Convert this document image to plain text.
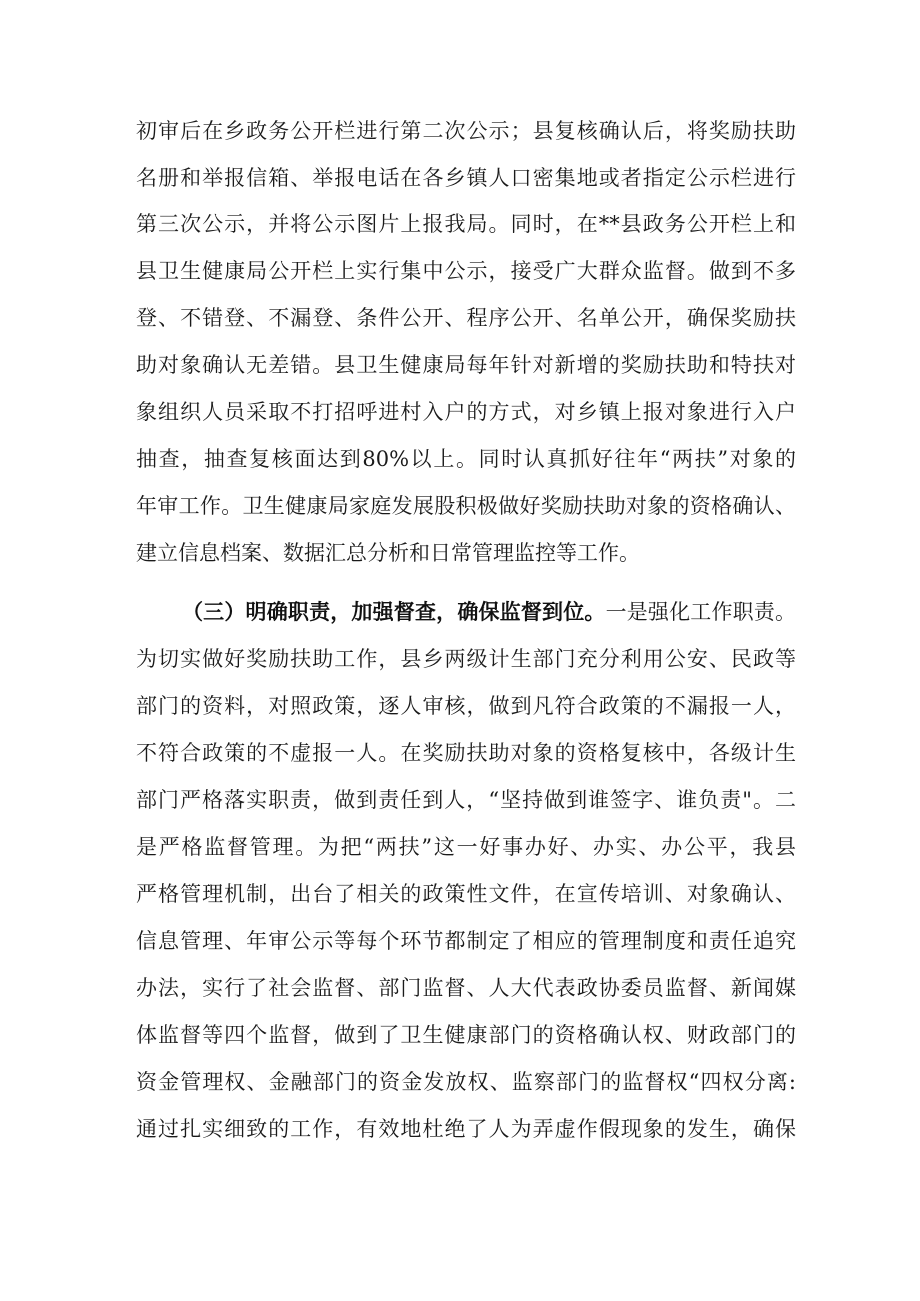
初审后在乡政务公开栏进行第二次公示；县复核确认后，将奖励扶助
名册和举报信箱、举报电话在各乡镇人口密集地或者指定公示栏进行
第三次公示，并将公示图片上报我局。同时，在**县政务公开栏上和
县卫生健康局公开栏上实行集中公示，接受广大群众监督。做到不多
登、不错登、不漏登、条件公开、程序公开、名单公开，确保奖励扶
助对象确认无差错。县卫生健康局每年针对新增的奖励扶助和特扶对
象组织人员采取不打招呼进村入户的方式，对乡镇上报对象进行入户
抽查，抽查复核面达到80%以上。同时认真抓好往年“两扶”对象的
年审工作。卫生健康局家庭发展股积极做好奖励扶助对象的资格确认、
建立信息档案、数据汇总分析和日常管理监控等工作。
（三）明确职责，加强督查，确保监督到位。一是强化工作职责。
为切实做好奖励扶助工作，县乡两级计生部门充分利用公安、民政等
部门的资料，对照政策，逐人审核，做到凡符合政策的不漏报一人，
不符合政策的不虚报一人。在奖励扶助对象的资格复核中，各级计生
部门严格落实职责，做到责任到人，“坚持做到谁签字、谁负责"。二
是严格监督管理。为把“两扶”这一好事办好、办实、办公平，我县
严格管理机制，出台了相关的政策性文件，在宣传培训、对象确认、
信息管理、年审公示等每个环节都制定了相应的管理制度和责任追究
办法，实行了社会监督、部门监督、人大代表政协委员监督、新闻媒
体监督等四个监督，做到了卫生健康部门的资格确认权、财政部门的
资金管理权、金融部门的资金发放权、监察部门的监督权“四权分离:
通过扎实细致的工作，有效地杜绝了人为弄虚作假现象的发生，确保
